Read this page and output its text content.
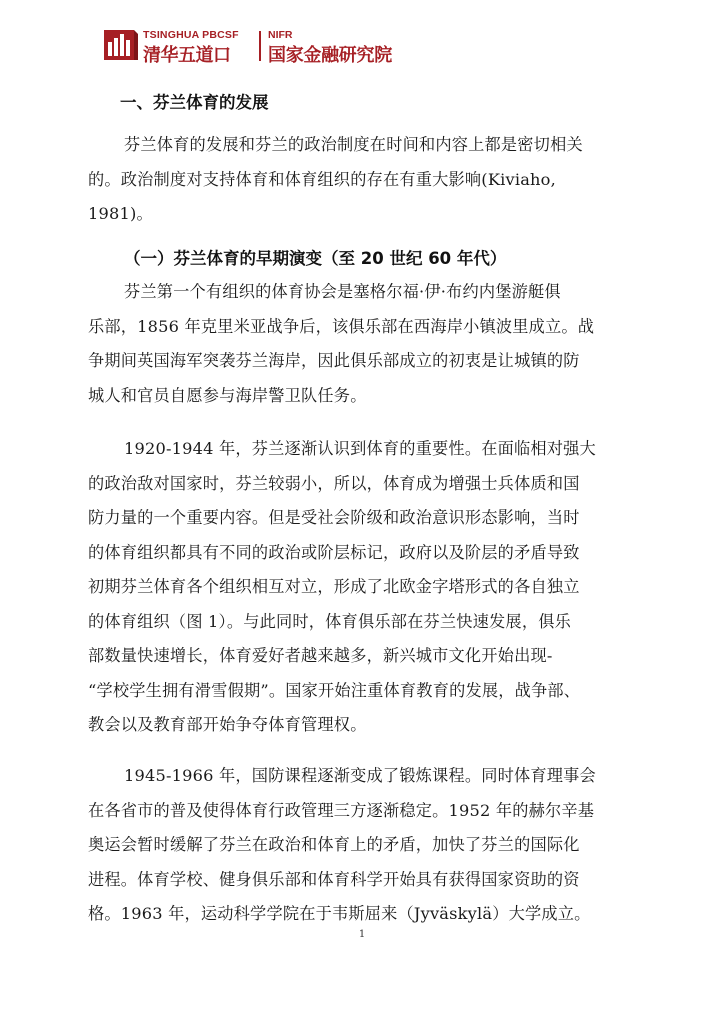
TSINGHUA PBCSF
清华五道口
NIFR
国家金融研究院
一、芬兰体育的发展
芬兰体育的发展和芬兰的政治制度在时间和内容上都是密切相关
的。政治制度对支持体育和体育组织的存在有重大影响(Kiviaho,
1981)。
（一）芬兰体育的早期演变（至 20 世纪 60 年代）
芬兰第一个有组织的体育协会是塞格尔福·伊·布约内堡游艇俱
乐部，1856 年克里米亚战争后，该俱乐部在西海岸小镇波里成立。战
争期间英国海军突袭芬兰海岸，因此俱乐部成立的初衷是让城镇的防
城人和官员自愿参与海岸警卫队任务。
1920-1944 年，芬兰逐渐认识到体育的重要性。在面临相对强大
的政治敌对国家时，芬兰较弱小，所以，体育成为增强士兵体质和国
防力量的一个重要内容。但是受社会阶级和政治意识形态影响，当时
的体育组织都具有不同的政治或阶层标记，政府以及阶层的矛盾导致
初期芬兰体育各个组织相互对立，形成了北欧金字塔形式的各自独立
的体育组织（图 1）。与此同时，体育俱乐部在芬兰快速发展，俱乐
部数量快速增长，体育爱好者越来越多，新兴城市文化开始出现-
“学校学生拥有滑雪假期”。国家开始注重体育教育的发展，战争部、
教会以及教育部开始争夺体育管理权。
1945-1966 年，国防课程逐渐变成了锻炼课程。同时体育理事会
在各省市的普及使得体育行政管理三方逐渐稳定。1952 年的赫尔辛基
奥运会暂时缓解了芬兰在政治和体育上的矛盾，加快了芬兰的国际化
进程。体育学校、健身俱乐部和体育科学开始具有获得国家资助的资
格。1963 年，运动科学学院在于韦斯屈来（Jyväskylä）大学成立。
1
